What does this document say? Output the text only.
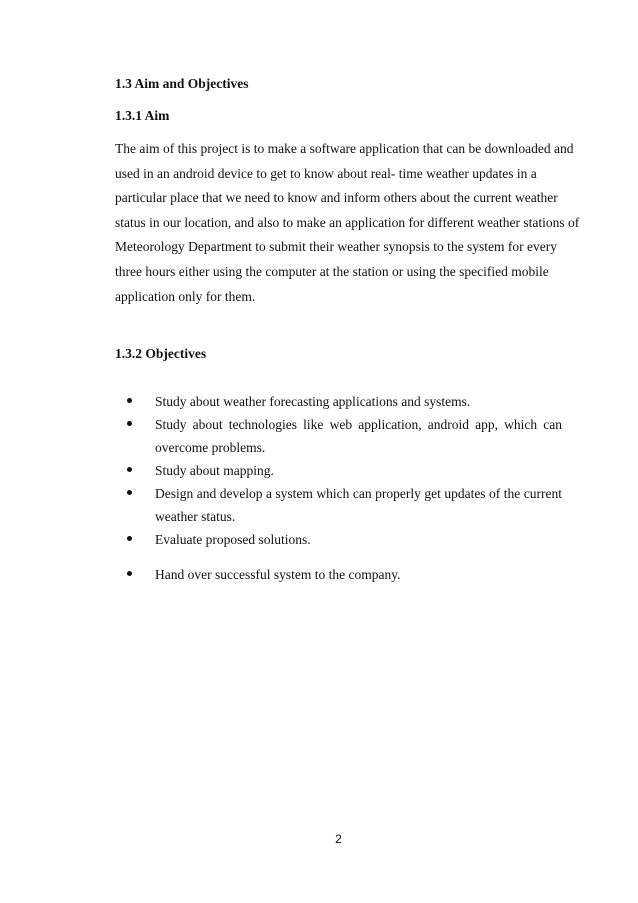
1.3 Aim and Objectives
1.3.1 Aim
The aim of this project is to make a software application that can be downloaded and
used in an android device to get to know about real- time weather updates in a
particular place that we need to know and inform others about the current weather
status in our location, and also to make an application for different weather stations of
Meteorology Department to submit their weather synopsis to the system for every
three hours either using the computer at the station or using the specified mobile
application only for them.
1.3.2 Objectives
Study about weather forecasting applications and systems.
Study about technologies like web application, android app, which can
overcome problems.
Study about mapping.
Design and develop a system which can properly get updates of the current
weather status.
Evaluate proposed solutions.
Hand over successful system to the company.
2
